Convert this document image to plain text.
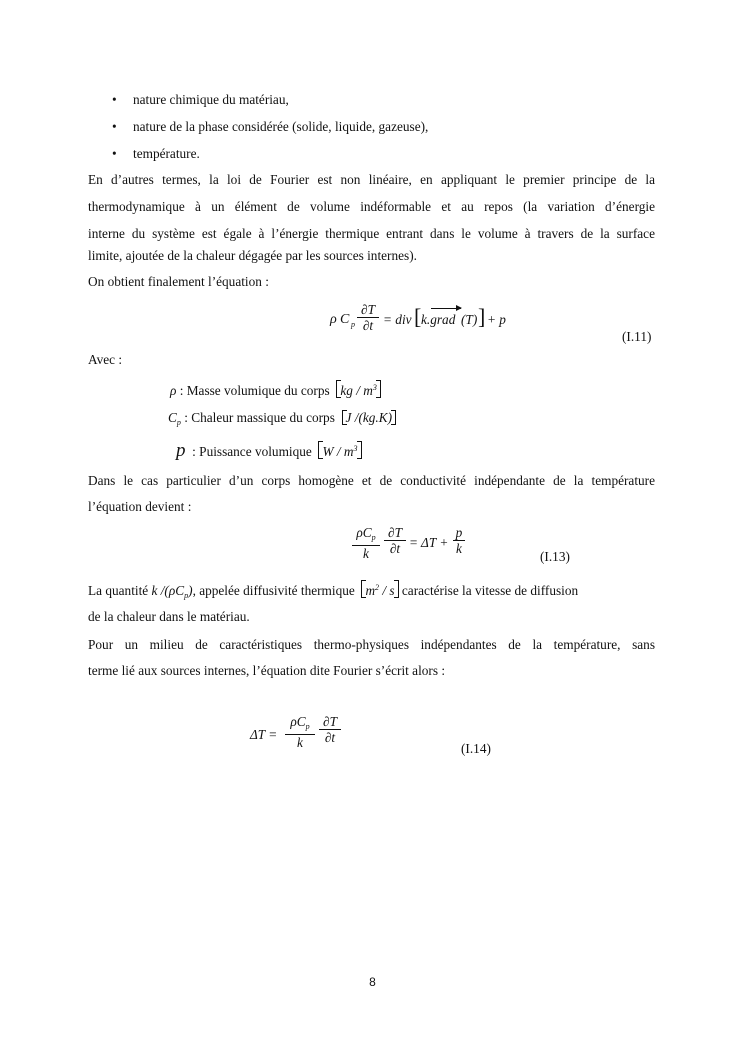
• nature chimique du matériau,
• nature de la phase considérée (solide, liquide, gazeuse),
• température.
En d’autres termes, la loi de Fourier est non linéaire, en appliquant le premier principe de la
thermodynamique à un élément de volume indéformable et au repos (la variation d’énergie
interne du système est égale à l’énergie thermique entrant dans le volume à travers de la surface
limite, ajoutée de la chaleur dégagée par les sources internes).
On obtient finalement l’équation :
ρ C p
∂T
∂t = div [ k.grad (T) ] + p
(I.11)
Avec :
ρ : Masse volumique du corps kg / $m^3$
$C_p$ : Chaleur massique du corps J /(kg.K)
p : Puissance volumique W / $m^3$
Dans le cas particulier d’un corps homogène et de conductivité indépendante de la température
l’équation devient :
$\rho C_p$
k
∂T
∂t = ΔT +
p
k
(I.13)
La quantité k $/(\rho C_p)$, appelée diffusivité thermique $m^2$ / s caractérise la vitesse de diffusion
de la chaleur dans le matériau.
Pour un milieu de caractéristiques thermo-physiques indépendantes de la température, sans
terme lié aux sources internes, l’équation dite Fourier s’écrit alors :
ΔT =
$\rho C_p$
k
∂T
∂t
(I.14)
8
